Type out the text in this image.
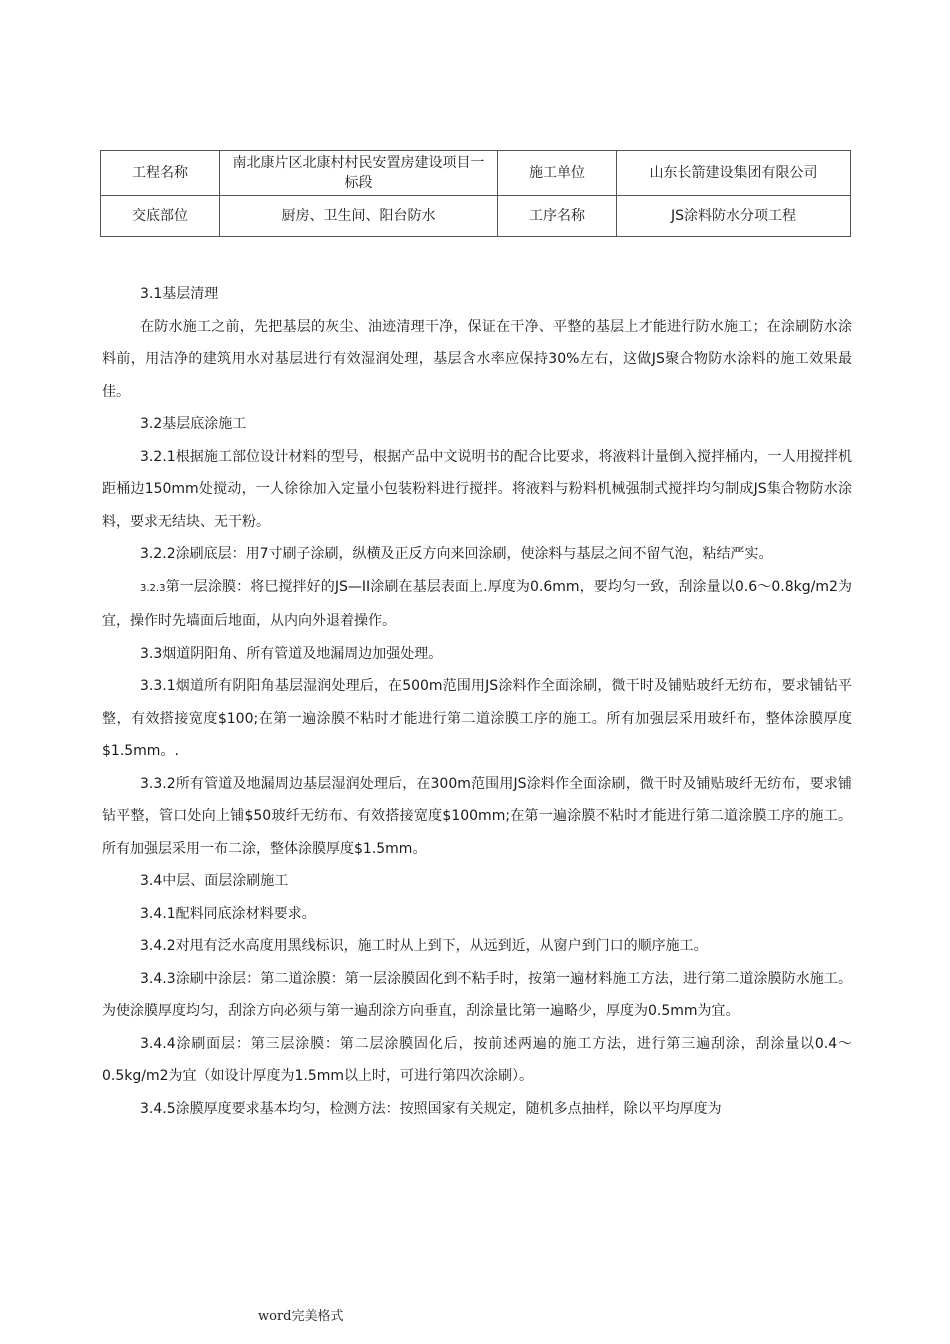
工程名称	南北康片区北康村村民安置房建设项目一标段	施工单位	山东长箭建设集团有限公司
交底部位	厨房、卫生间、阳台防水	工序名称	JS涂料防水分项工程

3.1基层清理

在防水施工之前，先把基层的灰尘、油迹清理干净，保证在干净、平整的基层上才能进行防水施工；在涂刷防水涂料前，用洁净的建筑用水对基层进行有效湿润处理，基层含水率应保持30%左右，这做JS聚合物防水涂料的施工效果最佳。

3.2基层底涂施工

3.2.1根据施工部位设计材料的型号，根据产品中文说明书的配合比要求，将液料计量倒入搅拌桶内，一人用搅拌机距桶边150mm处搅动，一人徐徐加入定量小包装粉料进行搅拌。将液料与粉料机械强制式搅拌均匀制成JS集合物防水涂料，要求无结块、无干粉。

3.2.2涂刷底层：用7寸刷子涂刷，纵横及正反方向来回涂刷，使涂料与基层之间不留气泡，粘结严实。

3.2.3第一层涂膜：将巳搅拌好的JS—II涂刷在基层表面上.厚度为0.6mm，要均匀一致，刮涂量以0.6〜0.8kg/m2为宜，操作时先墙面后地面，从内向外退着操作。

3.3烟道阴阳角、所有管道及地漏周边加强处理。

3.3.1烟道所有阴阳角基层湿润处理后，在500m范围用JS涂料作全面涂刷，微干时及铺贴玻纤无纺布，要求铺钻平整，有效搭接宽度$100;在第一遍涂膜不粘时才能进行第二道涂膜工序的施工。所有加强层采用玻纤布，整体涂膜厚度$1.5mm。.

3.3.2所有管道及地漏周边基层湿润处理后，在300m范围用JS涂料作全面涂刷，微干时及铺贴玻纤无纺布，要求铺钻平整，管口处向上铺$50玻纤无纺布、有效搭接宽度$100mm;在第一遍涂膜不粘时才能进行第二道涂膜工序的施工。所有加强层采用一布二涂，整体涂膜厚度$1.5mm。

3.4中层、面层涂刷施工

3.4.1配料同底涂材料要求。

3.4.2对甩有泛水高度用黑线标识，施工时从上到下，从远到近，从窗户到门口的顺序施工。

3.4.3涂刷中涂层：第二道涂膜：第一层涂膜固化到不粘手时，按第一遍材料施工方法，进行第二道涂膜防水施工。为使涂膜厚度均匀，刮涂方向必须与第一遍刮涂方向垂直，刮涂量比第一遍略少，厚度为0.5mm为宜。

3.4.4涂刷面层：第三层涂膜：第二层涂膜固化后，按前述两遍的施工方法，进行第三遍刮涂，刮涂量以0.4〜0.5kg/m2为宜（如设计厚度为1.5mm以上时，可进行第四次涂刷）。

3.4.5涂膜厚度要求基本均匀，检测方法：按照国家有关规定，随机多点抽样，除以平均厚度为

word完美格式
